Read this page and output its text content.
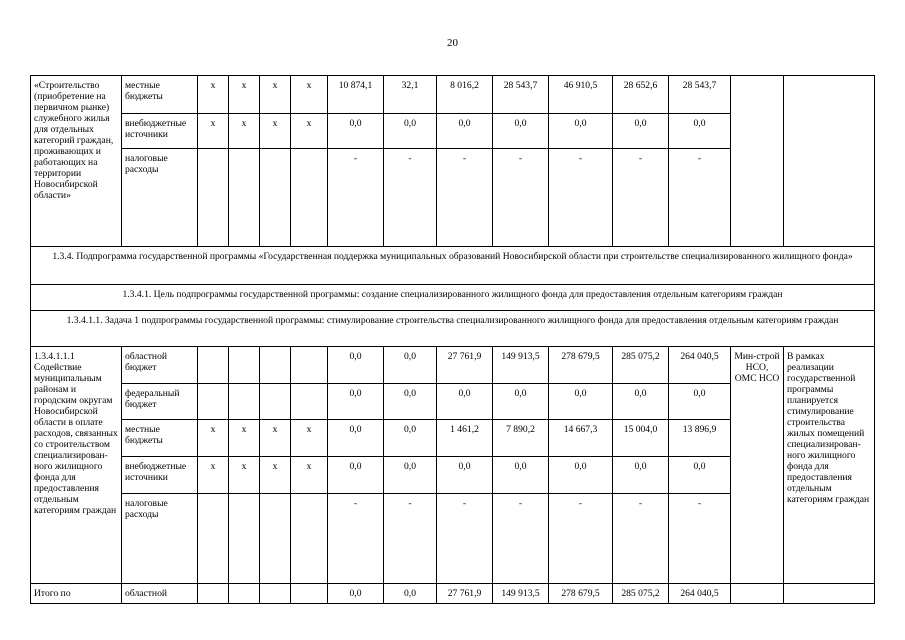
20
«Строительство (приобретение на первичном рынке) служебного жилья для отдельных категорий граждан, проживающих и работающих на территории Новосибирской области»	местные бюджеты	х	х	х	х	10 874,1	32,1	8 016,2	28 543,7	46 910,5	28 652,6	28 543,7		
	внебюджетные источники	х	х	х	х	0,0	0,0	0,0	0,0	0,0	0,0	0,0		
	налоговые расходы					-	-	-	-	-	-	-		
1.3.4. Подпрограмма государственной программы «Государственная поддержка муниципальных образований Новосибирской области при строительстве специализированного жилищного фонда»														
1.3.4.1. Цель подпрограммы государственной программы: создание специализированного жилищного фонда для предоставления отдельным категориям граждан														
1.3.4.1.1. Задача 1 подпрограммы государственной программы: стимулирование строительства специализированного жилищного фонда для предоставления отдельным категориям граждан														
1.3.4.1.1.1 Содействие муниципальным районам и городским округам Новосибирской области в оплате расходов, связанных со строительством специализирован-ного жилищного фонда для предоставления отдельным категориям граждан	областной бюджет					0,0	0,0	27 761,9	149 913,5	278 679,5	285 075,2	264 040,5	Мин-строй НСО, ОМС НСО	В рамках реализации государственной программы планируется стимулирование строительства жилых помещений специализирован-ного жилищного фонда для предоставления отдельным категориям граждан
	федеральный бюджет					0,0	0,0	0,0	0,0	0,0	0,0	0,0		
	местные бюджеты	х	х	х	х	0,0	0,0	1 461,2	7 890,2	14 667,3	15 004,0	13 896,9		
	внебюджетные источники	х	х	х	х	0,0	0,0	0,0	0,0	0,0	0,0	0,0		
	налоговые расходы					-	-	-	-	-	-	-		
Итого по	областной					0,0	0,0	27 761,9	149 913,5	278 679,5	285 075,2	264 040,5		
